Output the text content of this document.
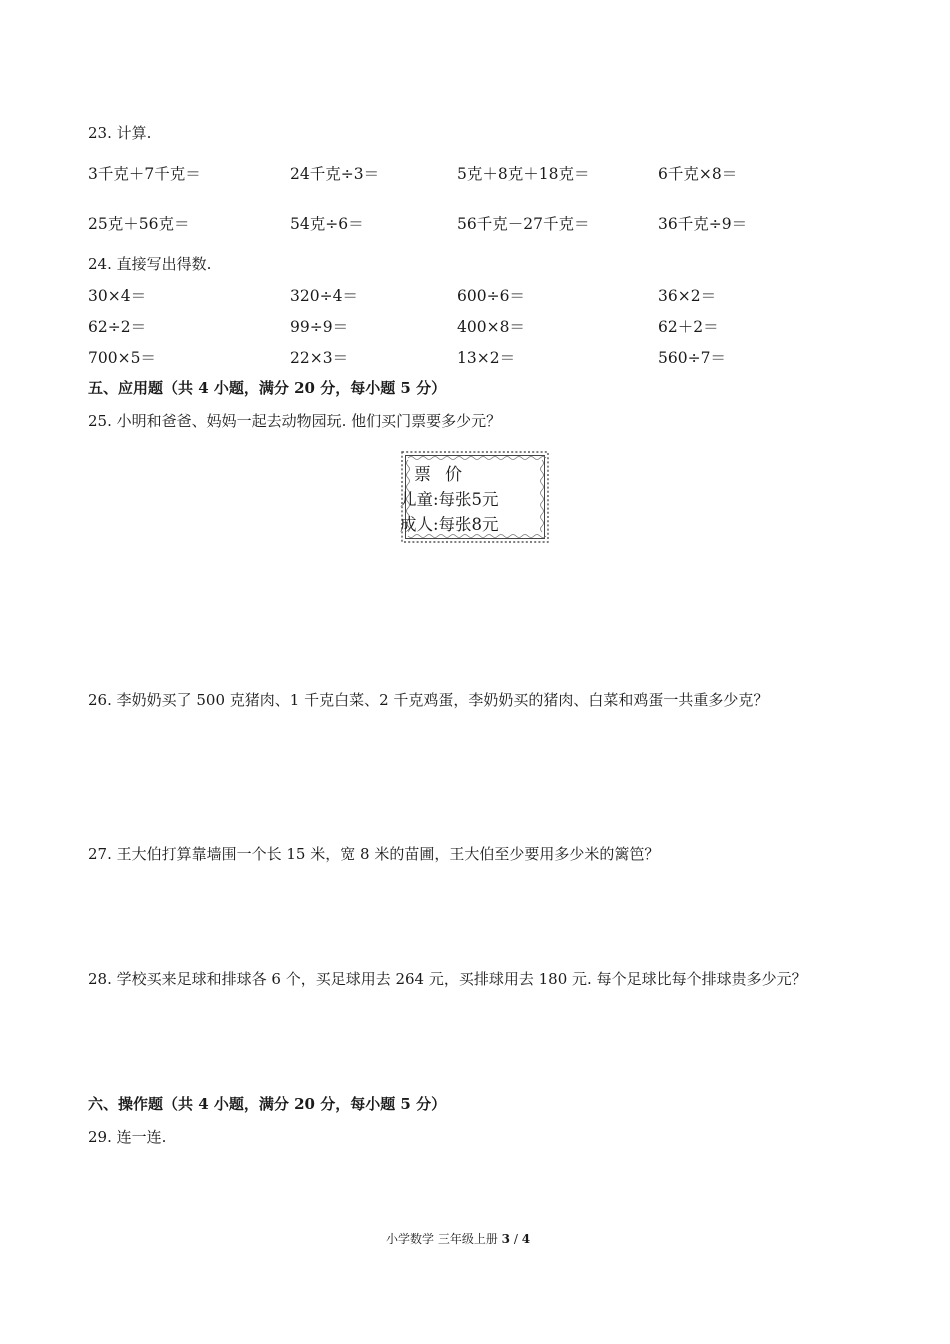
23. 计算.
3千克＋7千克＝	24千克÷3＝	5克＋8克＋18克＝	6千克×8＝
25克＋56克＝	54克÷6＝	56千克－27千克＝	36千克÷9＝
24. 直接写出得数.
30×4＝	320÷4＝	600÷6＝	36×2＝
62÷2＝	99÷9＝	400×8＝	62＋2＝
700×5＝	22×3＝	13×2＝	560÷7＝
五、应用题（共 4 小题，满分 20 分，每小题 5 分）
25. 小明和爸爸、妈妈一起去动物园玩. 他们买门票要多少元？
票价
儿童:每张5元
成人:每张8元
26. 李奶奶买了 500 克猪肉、1 千克白菜、2 千克鸡蛋，李奶奶买的猪肉、白菜和鸡蛋一共重多少克？
27. 王大伯打算靠墙围一个长 15 米，宽 8 米的苗圃，王大伯至少要用多少米的篱笆？
28. 学校买来足球和排球各 6 个，买足球用去 264 元，买排球用去 180 元. 每个足球比每个排球贵多少元？
六、操作题（共 4 小题，满分 20 分，每小题 5 分）
29. 连一连.
小学数学 三年级上册 3 / 4
